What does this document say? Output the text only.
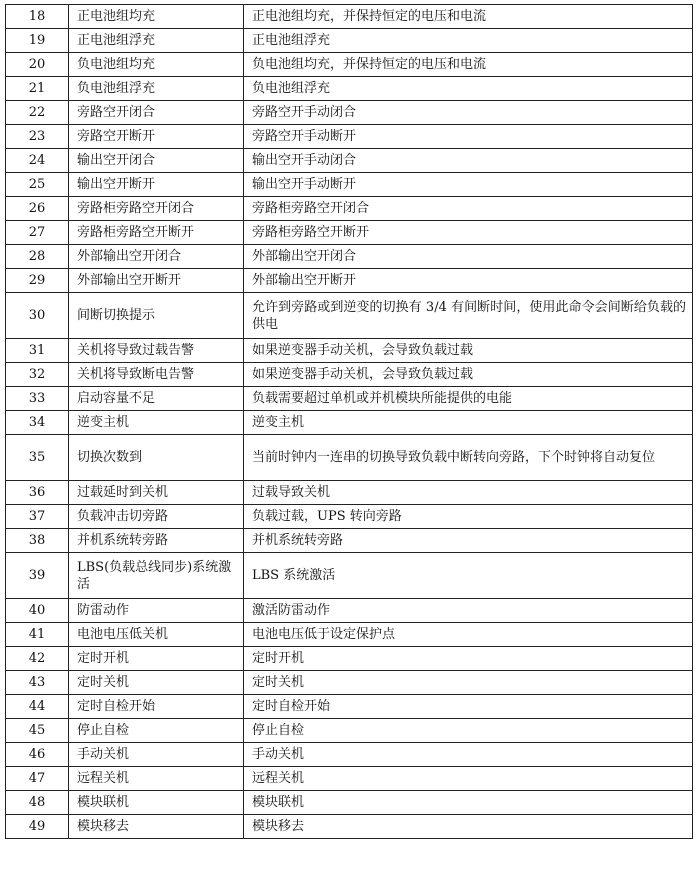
18	正电池组均充	正电池组均充，并保持恒定的电压和电流

19	正电池组浮充	正电池组浮充

20	负电池组均充	负电池组均充，并保持恒定的电压和电流

21	负电池组浮充	负电池组浮充

22	旁路空开闭合	旁路空开手动闭合

23	旁路空开断开	旁路空开手动断开

24	输出空开闭合	输出空开手动闭合

25	输出空开断开	输出空开手动断开

26	旁路柜旁路空开闭合	旁路柜旁路空开闭合

27	旁路柜旁路空开断开	旁路柜旁路空开断开

28	外部输出空开闭合	外部输出空开闭合

29	外部输出空开断开	外部输出空开断开

30	间断切换提示	允许到旁路或到逆变的切换有 3/4 有间断时间，使用此命令会间断给负载的供电

31	关机将导致过载告警	如果逆变器手动关机，会导致负载过载

32	关机将导致断电告警	如果逆变器手动关机，会导致负载过载

33	启动容量不足	负载需要超过单机或并机模块所能提供的电能

34	逆变主机	逆变主机

35	切换次数到	当前时钟内一连串的切换导致负载中断转向旁路，下个时钟将自动复位

36	过载延时到关机	过载导致关机

37	负载冲击切旁路	负载过载，UPS 转向旁路

38	并机系统转旁路	并机系统转旁路

39	LBS(负载总线同步)系统激活	LBS 系统激活

40	防雷动作	激活防雷动作

41	电池电压低关机	电池电压低于设定保护点

42	定时开机	定时开机

43	定时关机	定时关机

44	定时自检开始	定时自检开始

45	停止自检	停止自检

46	手动关机	手动关机

47	远程关机	远程关机

48	模块联机	模块联机

49	模块移去	模块移去
